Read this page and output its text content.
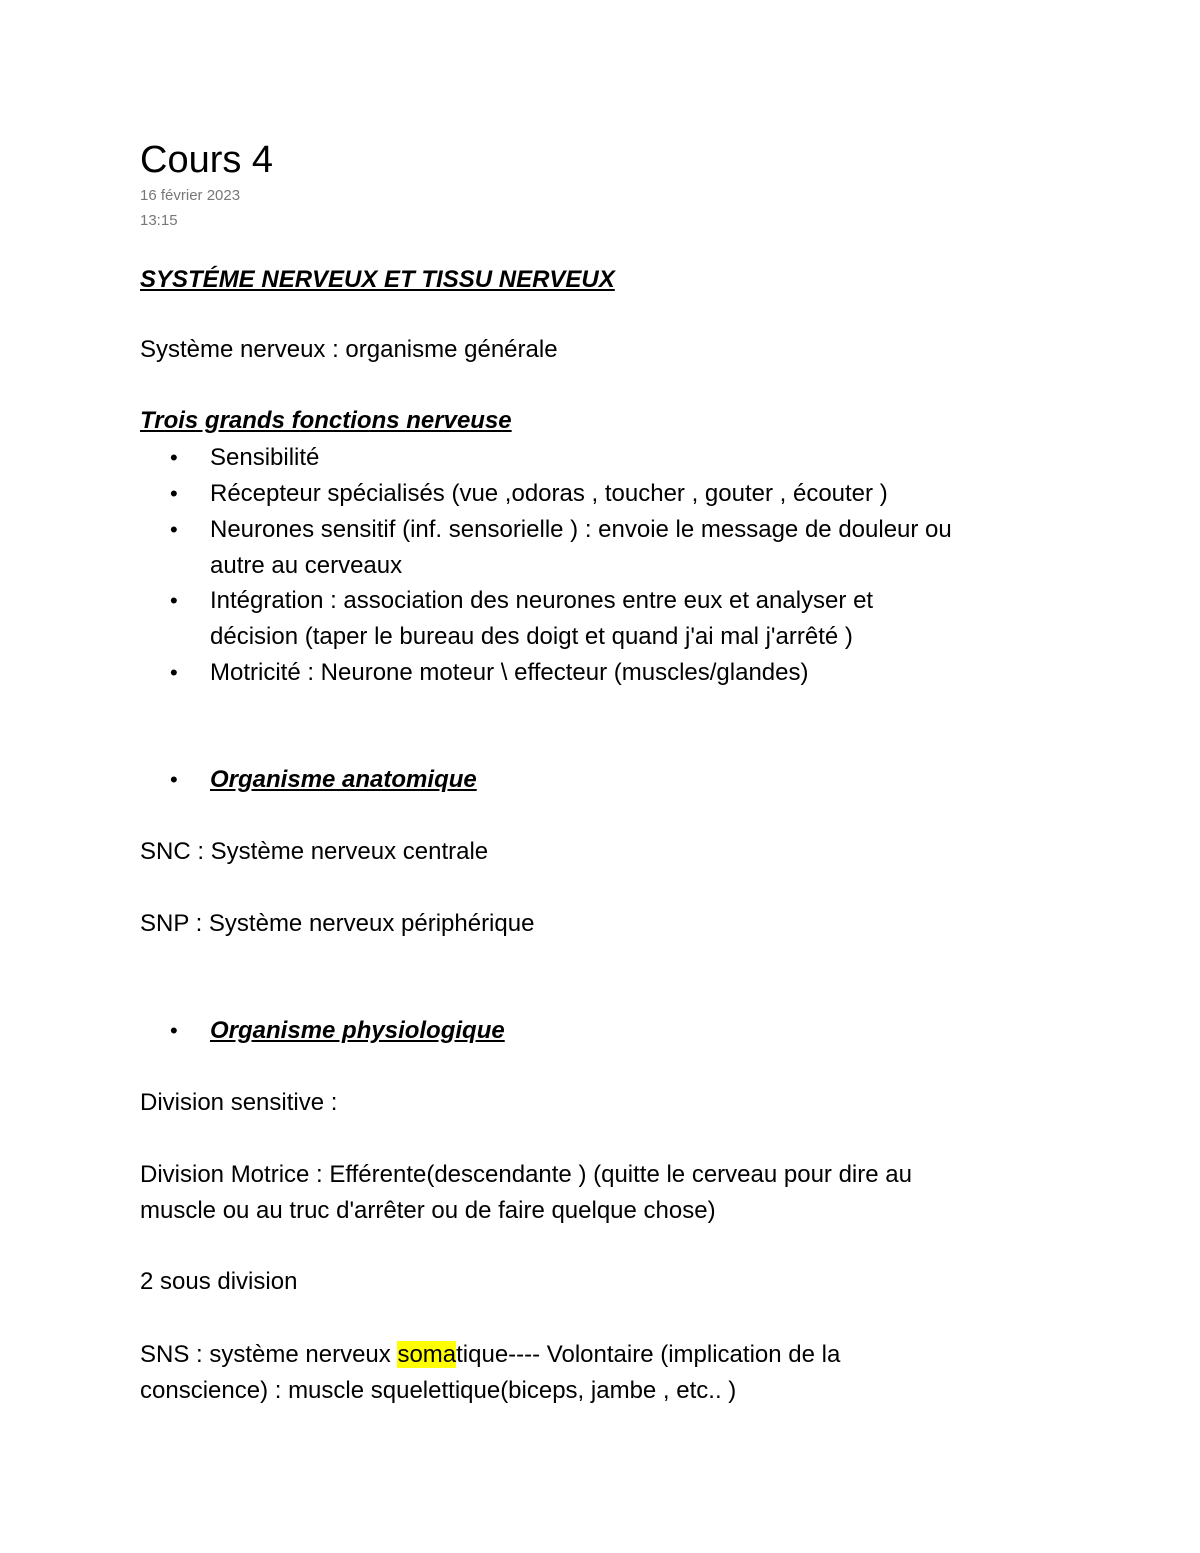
Cours 4
16 février 2023
13:15
SYSTÉME NERVEUX ET TISSU NERVEUX
Système nerveux : organisme générale
Trois grands fonctions nerveuse
• Sensibilité
• Récepteur spécialisés (vue ,odoras , toucher , gouter , écouter )
• Neurones sensitif (inf. sensorielle ) : envoie le message de douleur ou
autre au cerveaux
• Intégration : association des neurones entre eux et analyser et
décision (taper le bureau des doigt et quand j'ai mal j'arrêté )
• Motricité : Neurone moteur \ effecteur (muscles/glandes)
• Organisme anatomique
SNC : Système nerveux centrale
SNP : Système nerveux périphérique
• Organisme physiologique
Division sensitive :
Division Motrice : Efférente(descendante ) (quitte le cerveau pour dire au
muscle ou au truc d'arrêter ou de faire quelque chose)
2 sous division
SNS : système nerveux somatique---- Volontaire (implication de la
conscience) : muscle squelettique(biceps, jambe , etc.. )
